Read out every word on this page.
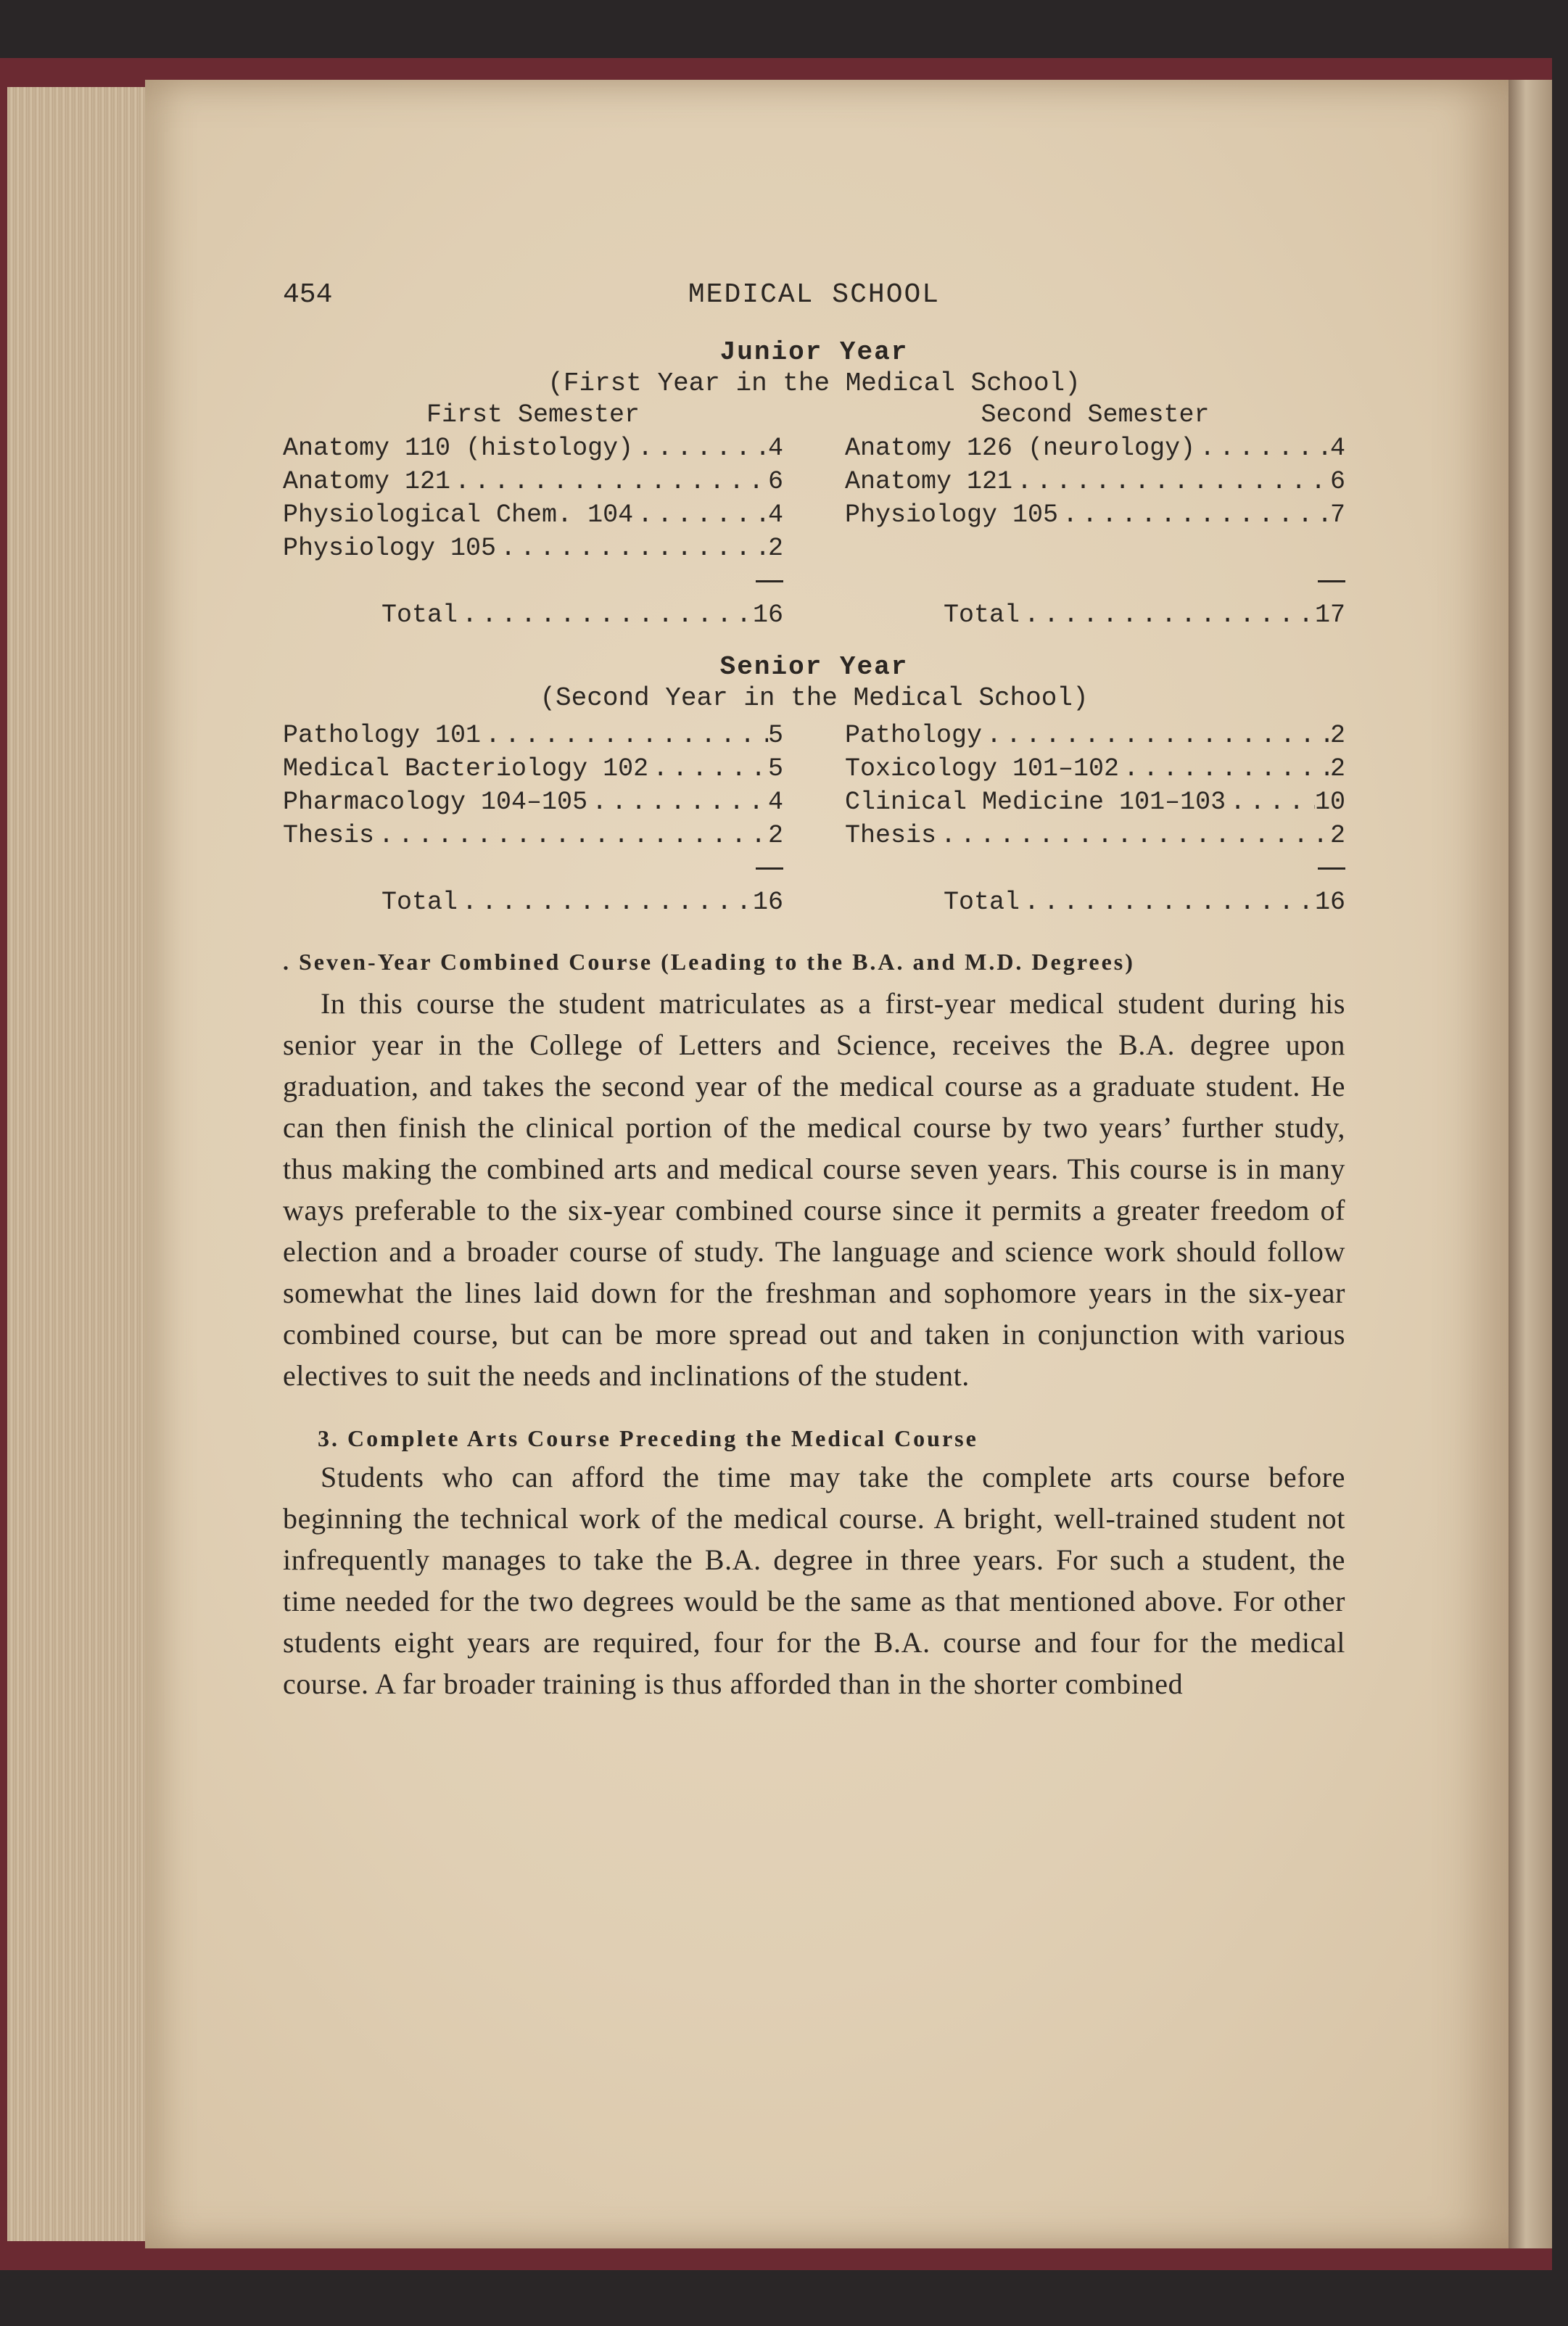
454	MEDICAL SCHOOL
Junior Year
(First Year in the Medical School)
First Semester
Anatomy 110 (histology) .....	4
Anatomy 121 .....	6
Physiological Chem. 104 .....	4
Physiology 105 .....	2
Total .....	16
Second Semester
Anatomy 126 (neurology) .....	4
Anatomy 121 .....	6
Physiology 105 .....	7
Total .....	17
Senior Year
(Second Year in the Medical School)
Pathology 101 .....	5
Medical Bacteriology 102 .....	5
Pharmacology 104–105 .....	4
Thesis .....	2
Total .....	16
Pathology .....	2
Toxicology 101–102 .....	2
Clinical Medicine 101–103 .....	10
Thesis .....	2
Total .....	16
. Seven-Year Combined Course (Leading to the B.A. and M.D. Degrees)

In this course the student matriculates as a first-year medical student during his senior year in the College of Letters and Science, receives the B.A. degree upon graduation, and takes the second year of the medical course as a graduate student. He can then finish the clinical portion of the medical course by two years’ further study, thus making the combined arts and medical course seven years. This course is in many ways preferable to the six-year combined course since it permits a greater freedom of election and a broader course of study. The language and science work should follow somewhat the lines laid down for the freshman and sophomore years in the six-year combined course, but can be more spread out and taken in conjunction with various electives to suit the needs and inclinations of the student.

3. Complete Arts Course Preceding the Medical Course

Students who can afford the time may take the complete arts course before beginning the technical work of the medical course. A bright, well-trained student not infrequently manages to take the B.A. degree in three years. For such a student, the time needed for the two degrees would be the same as that mentioned above. For other students eight years are required, four for the B.A. course and four for the medical course. A far broader training is thus afforded than in the shorter combined
